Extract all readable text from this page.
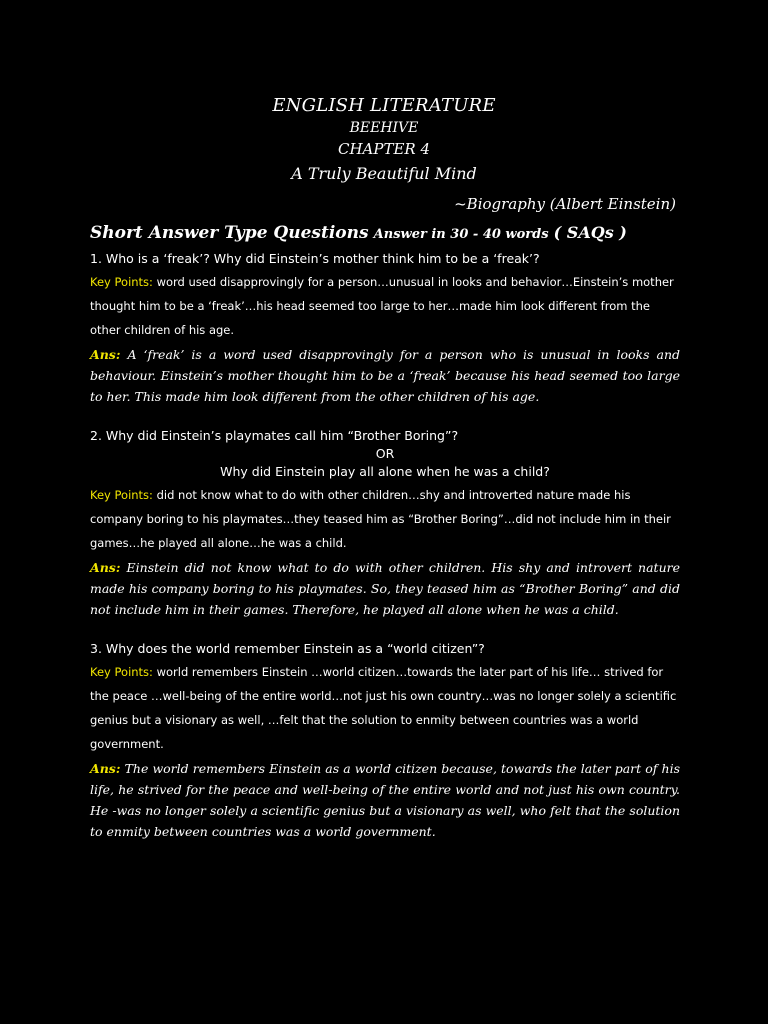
ENGLISH LITERATURE
BEEHIVE
CHAPTER 4
A Truly Beautiful Mind
~Biography (Albert Einstein)
Short Answer Type Questions Answer in 30 - 40 words ( SAQs )
1. Who is a ‘freak’? Why did Einstein’s mother think him to be a ‘freak’?
Key Points: word used disapprovingly for a person…unusual in looks and behavior…Einstein’s mother thought him to be a ‘freak’…his head seemed too large to her…made him look different from the other children of his age.
Ans: A ‘freak’ is a word used disapprovingly for a person who is unusual in looks and behaviour. Einstein’s mother thought him to be a ‘freak’ because his head seemed too large to her. This made him look different from the other children of his age.
2. Why did Einstein’s playmates call him “Brother Boring”?
OR
Why did Einstein play all alone when he was a child?
Key Points: did not know what to do with other children…shy and introverted nature made his company boring to his playmates…they teased him as “Brother Boring”…did not include him in their games…he played all alone…he was a child.
Ans: Einstein did not know what to do with other children. His shy and introvert nature made his company boring to his playmates. So, they teased him as “Brother Boring” and did not include him in their games. Therefore, he played all alone when he was a child.
3. Why does the world remember Einstein as a “world citizen”?
Key Points: world remembers Einstein …world citizen…towards the later part of his life… strived for the peace …well-being of the entire world…not just his own country…was no longer solely a scientific genius but a visionary as well, …felt that the solution to enmity between countries was a world government.
Ans: The world remembers Einstein as a world citizen because, towards the later part of his life, he strived for the peace and well-being of the entire world and not just his own country. He -was no longer solely a scientific genius but a visionary as well, who felt that the solution to enmity between countries was a world government.
